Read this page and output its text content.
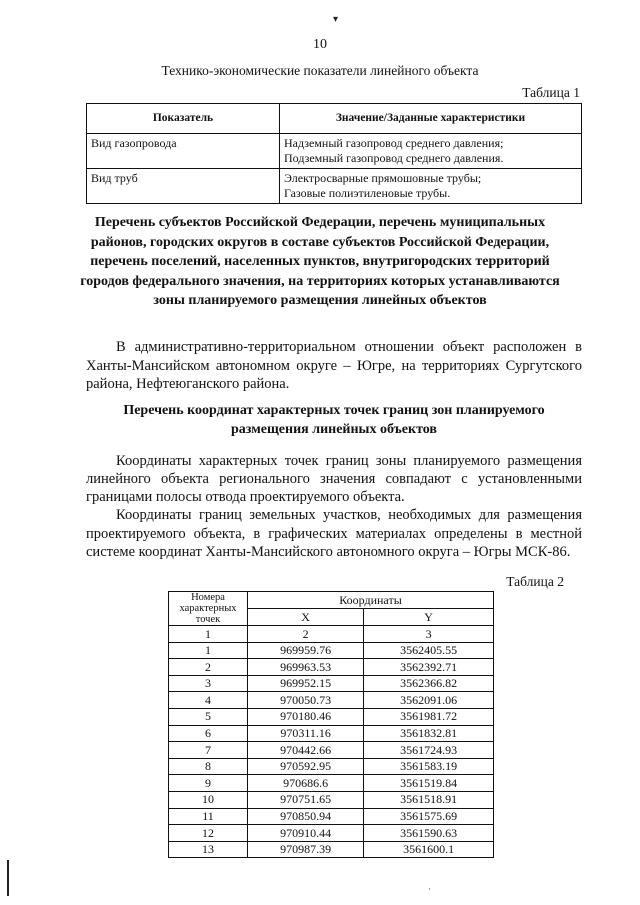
▾
10
Технико-экономические показатели линейного объекта
Таблица 1
Показатель	Значение/Заданные характеристики
Вид газопровода	Надземный газопровод среднего давления;
Подземный газопровод среднего давления.

Вид труб	Электросварные прямошовные трубы;
Газовые полиэтиленовые трубы.
Перечень субъектов Российской Федерации, перечень муниципальных районов, городских округов в составе субъектов Российской Федерации, перечень поселений, населенных пунктов, внутригородских территорий городов федерального значения, на территориях которых устанавливаются зоны планируемого размещения линейных объектов

В административно-территориальном отношении объект расположен в Ханты-Мансийском автономном округе – Югре, на территориях Сургутского района, Нефтеюганского района.

Перечень координат характерных точек границ зон планируемого размещения линейных объектов

Координаты характерных точек границ зоны планируемого размещения линейного объекта регионального значения совпадают с установленными границами полосы отвода проектируемого объекта.

Координаты границ земельных участков, необходимых для размещения проектируемого объекта, в графических материалах определены в местной системе координат Ханты-Мансийского автономного округа – Югры МСК-86.

Таблица 2
Номера характерных точек	Координаты	
	X	Y
1	2	3
1	969959.76	3562405.55
2	969963.53	3562392.71
3	969952.15	3562366.82
4	970050.73	3562091.06
5	970180.46	3561981.72
6	970311.16	3561832.81
7	970442.66	3561724.93
8	970592.95	3561583.19
9	970686.6	3561519.84
10	970751.65	3561518.91
11	970850.94	3561575.69
12	970910.44	3561590.63
13	970987.39	3561600.1
·
